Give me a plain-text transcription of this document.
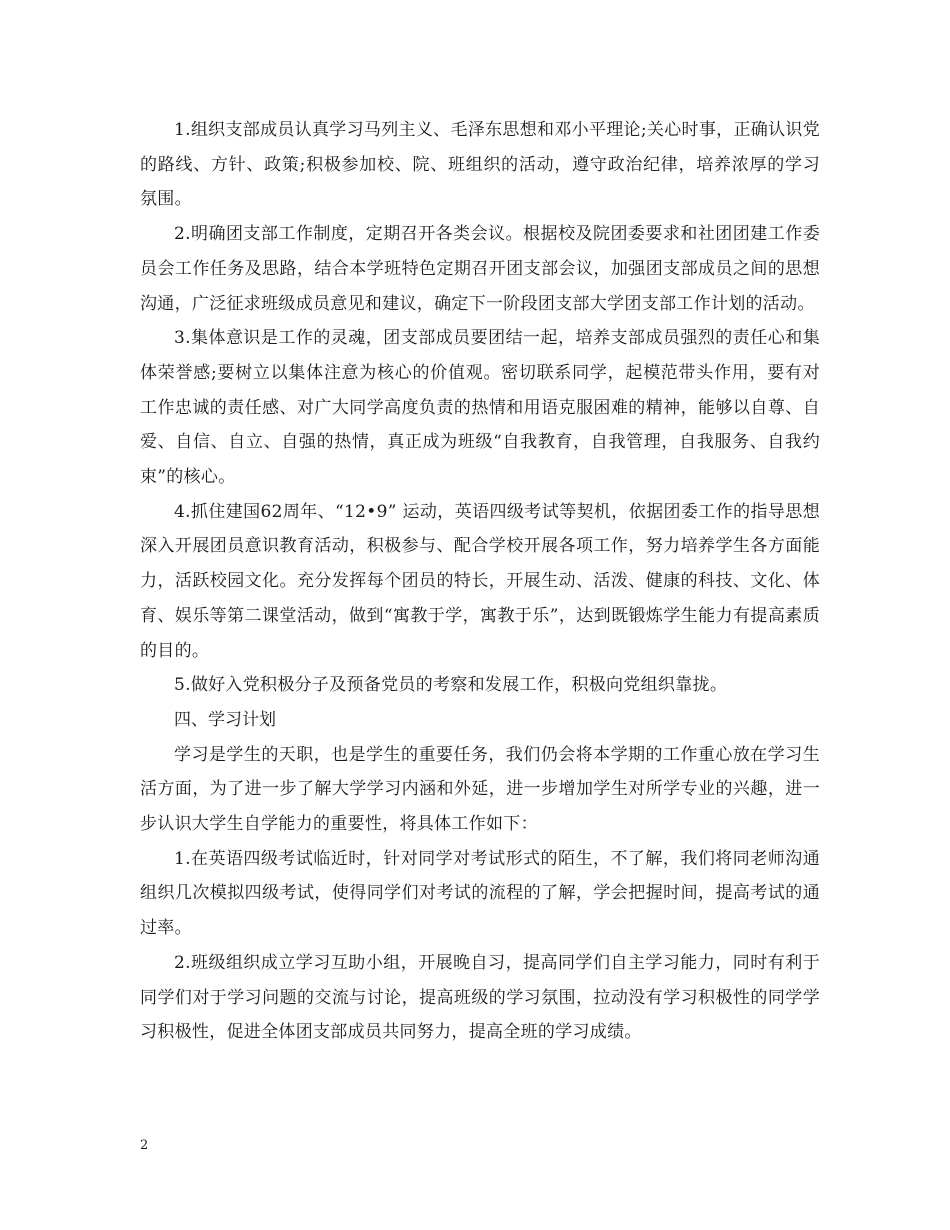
1.组织支部成员认真学习马列主义、毛泽东思想和邓小平理论;关心时事，正确认识党的路线、方针、政策;积极参加校、院、班组织的活动，遵守政治纪律，培养浓厚的学习氛围。

2.明确团支部工作制度，定期召开各类会议。根据校及院团委要求和社团团建工作委员会工作任务及思路，结合本学班特色定期召开团支部会议，加强团支部成员之间的思想沟通，广泛征求班级成员意见和建议，确定下一阶段团支部大学团支部工作计划的活动。

3.集体意识是工作的灵魂，团支部成员要团结一起，培养支部成员强烈的责任心和集体荣誉感;要树立以集体注意为核心的价值观。密切联系同学，起模范带头作用，要有对工作忠诚的责任感、对广大同学高度负责的热情和用语克服困难的精神，能够以自尊、自爱、自信、自立、自强的热情，真正成为班级“自我教育，自我管理，自我服务、自我约束”的核心。

4.抓住建国62周年、“12•9” 运动，英语四级考试等契机，依据团委工作的指导思想深入开展团员意识教育活动，积极参与、配合学校开展各项工作，努力培养学生各方面能力，活跃校园文化。充分发挥每个团员的特长，开展生动、活泼、健康的科技、文化、体育、娱乐等第二课堂活动，做到“寓教于学，寓教于乐”，达到既锻炼学生能力有提高素质的目的。

5.做好入党积极分子及预备党员的考察和发展工作，积极向党组织靠拢。

四、学习计划

学习是学生的天职，也是学生的重要任务，我们仍会将本学期的工作重心放在学习生活方面，为了进一步了解大学学习内涵和外延，进一步增加学生对所学专业的兴趣，进一步认识大学生自学能力的重要性，将具体工作如下：

1.在英语四级考试临近时，针对同学对考试形式的陌生，不了解，我们将同老师沟通组织几次模拟四级考试，使得同学们对考试的流程的了解，学会把握时间，提高考试的通过率。

2.班级组织成立学习互助小组，开展晚自习，提高同学们自主学习能力，同时有利于同学们对于学习问题的交流与讨论，提高班级的学习氛围，拉动没有学习积极性的同学学习积极性，促进全体团支部成员共同努力，提高全班的学习成绩。

2
